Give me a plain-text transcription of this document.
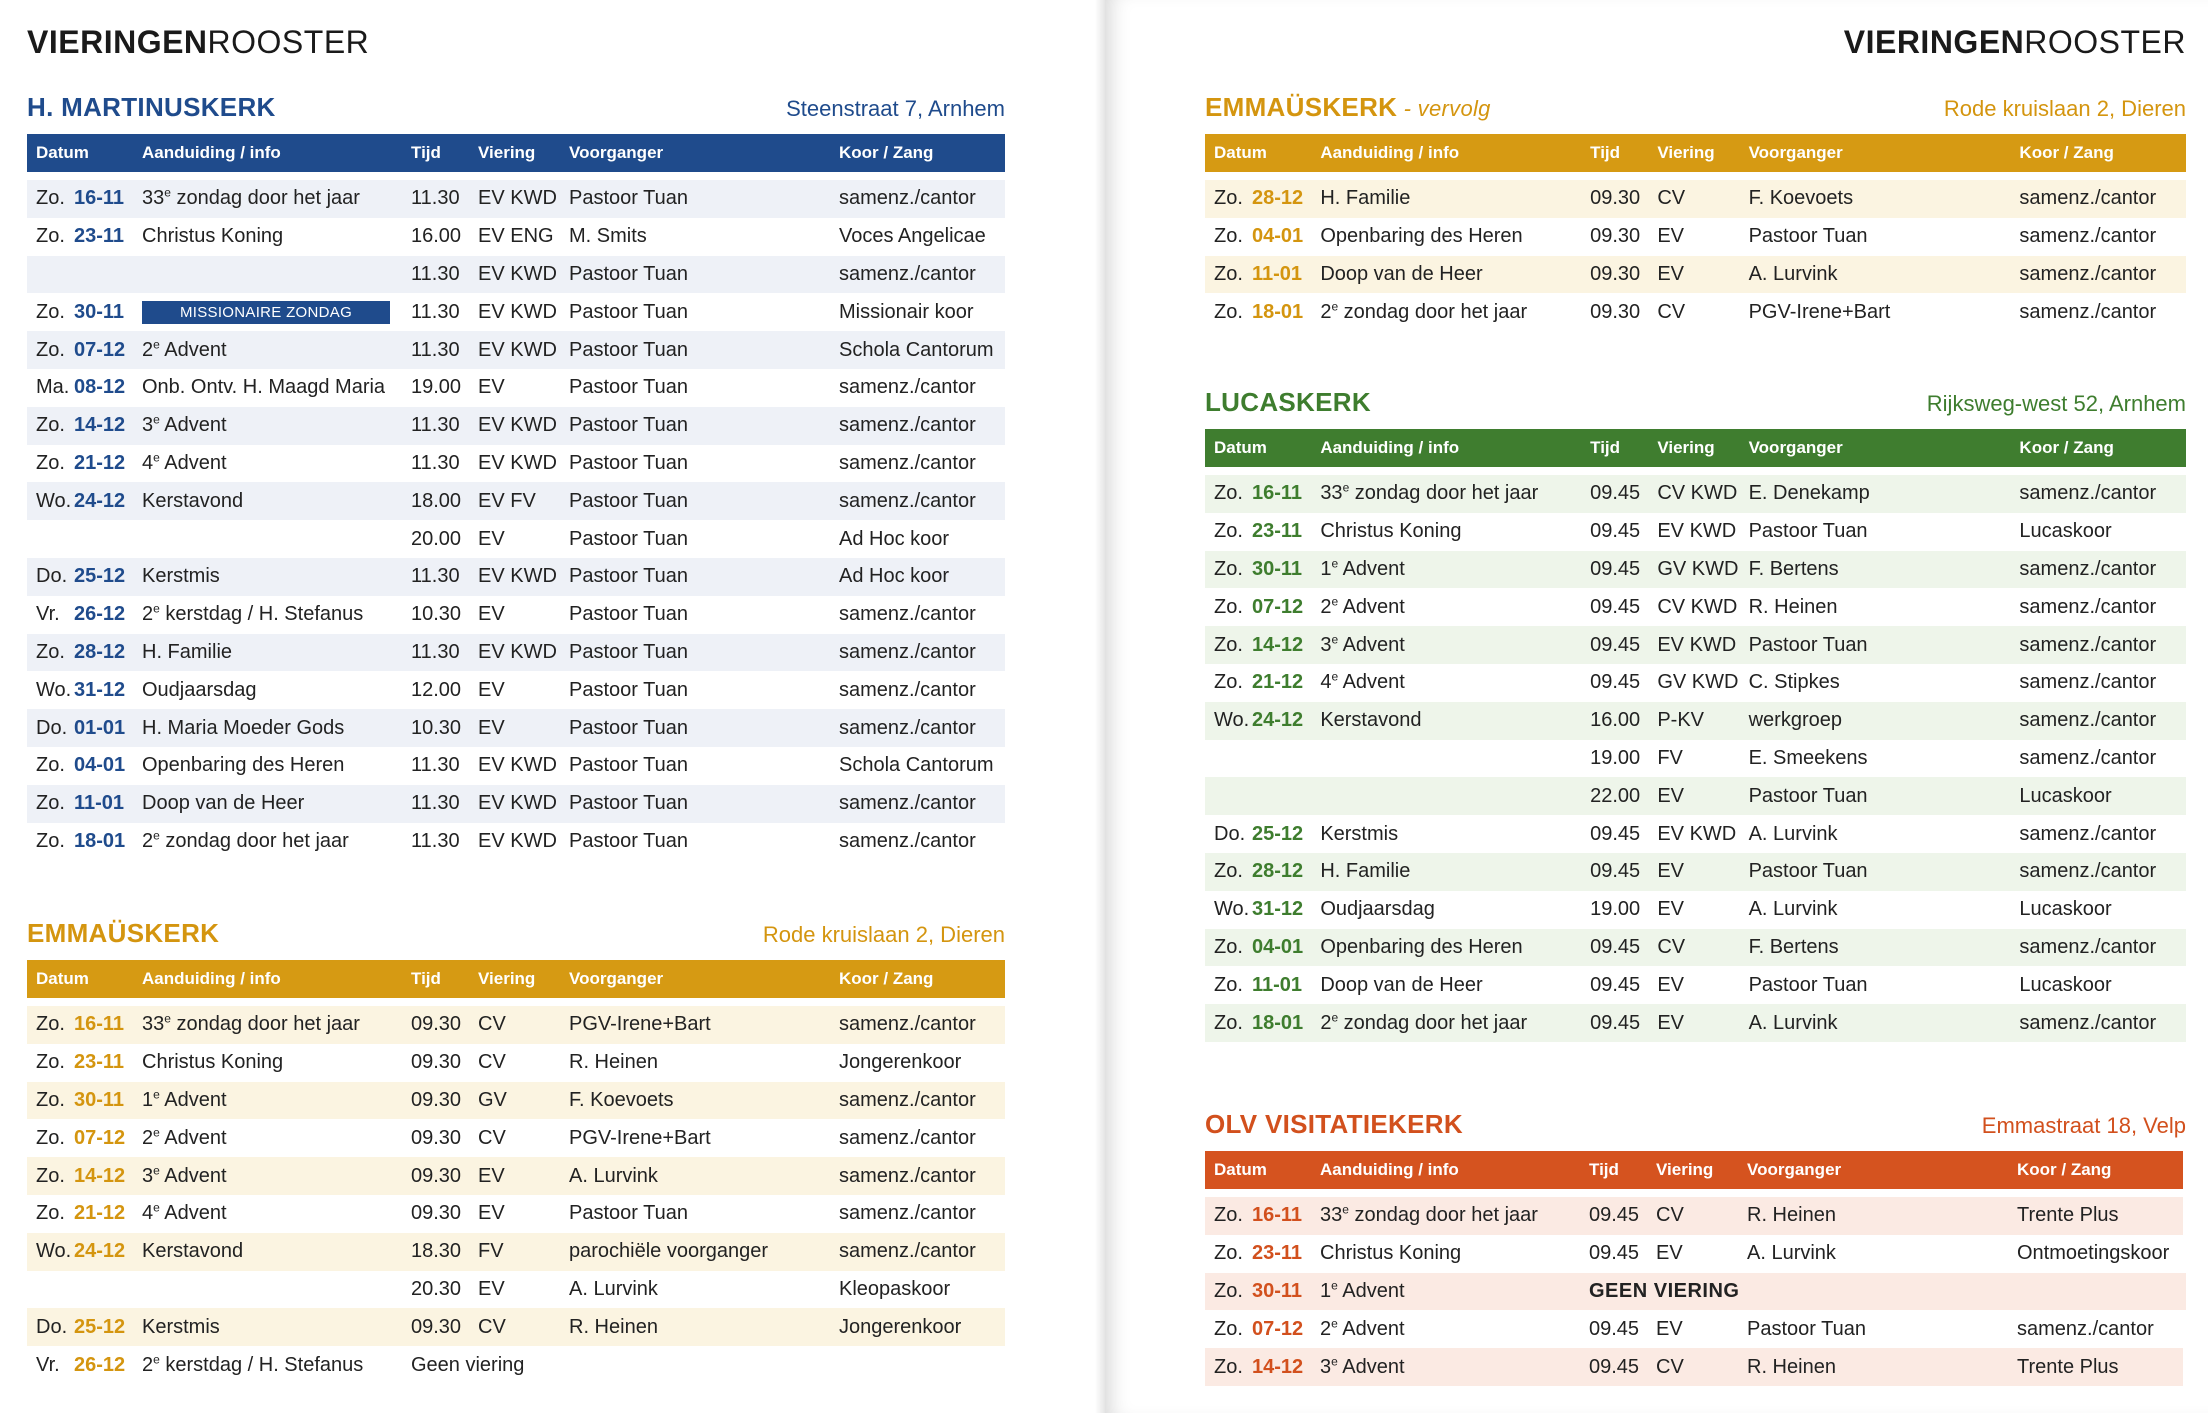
VIERINGENROOSTER
H. MARTINUSKERK	Steenstraat 7, Arnhem
Datum	Aanduiding / info	Tijd	Viering	Voorganger	Koor / Zang
Zo. 16-11	33e zondag door het jaar	11.30	EV KWD	Pastoor Tuan	samenz./cantor
Zo. 23-11	Christus Koning	16.00	EV ENG	M. Smits	Voces Angelicae
		11.30	EV KWD	Pastoor Tuan	samenz./cantor
Zo. 30-11	MISSIONAIRE ZONDAG	11.30	EV KWD	Pastoor Tuan	Missionair koor
Zo. 07-12	2e Advent	11.30	EV KWD	Pastoor Tuan	Schola Cantorum
Ma. 08-12	Onb. Ontv. H. Maagd Maria	19.00	EV	Pastoor Tuan	samenz./cantor
Zo. 14-12	3e Advent	11.30	EV KWD	Pastoor Tuan	samenz./cantor
Zo. 21-12	4e Advent	11.30	EV KWD	Pastoor Tuan	samenz./cantor
Wo. 24-12	Kerstavond	18.00	EV FV	Pastoor Tuan	samenz./cantor
		20.00	EV	Pastoor Tuan	Ad Hoc koor
Do. 25-12	Kerstmis	11.30	EV KWD	Pastoor Tuan	Ad Hoc koor
Vr. 26-12	2e kerstdag / H. Stefanus	10.30	EV	Pastoor Tuan	samenz./cantor
Zo. 28-12	H. Familie	11.30	EV KWD	Pastoor Tuan	samenz./cantor
Wo. 31-12	Oudjaarsdag	12.00	EV	Pastoor Tuan	samenz./cantor
Do. 01-01	H. Maria Moeder Gods	10.30	EV	Pastoor Tuan	samenz./cantor
Zo. 04-01	Openbaring des Heren	11.30	EV KWD	Pastoor Tuan	Schola Cantorum
Zo. 11-01	Doop van de Heer	11.30	EV KWD	Pastoor Tuan	samenz./cantor
Zo. 18-01	2e zondag door het jaar	11.30	EV KWD	Pastoor Tuan	samenz./cantor
EMMAÜSKERK	Rode kruislaan 2, Dieren
Datum	Aanduiding / info	Tijd	Viering	Voorganger	Koor / Zang	
Zo. 16-11	33e zondag door het jaar	09.30	CV	PGV-Irene+Bart	samenz./cantor	
Zo. 23-11	Christus Koning	09.30	CV	R. Heinen	Jongerenkoor	
Zo. 30-11	1e Advent	09.30	GV	F. Koevoets	samenz./cantor	
Zo. 07-12	2e Advent	09.30	CV	PGV-Irene+Bart	samenz./cantor	
Zo. 14-12	3e Advent	09.30	EV	A. Lurvink	samenz./cantor	
Zo. 21-12	4e Advent	09.30	EV	Pastoor Tuan	samenz./cantor	
Wo. 24-12	Kerstavond	18.30	FV	parochiële voorganger	samenz./cantor	
		20.30	EV	A. Lurvink	Kleopaskoor	
Do. 25-12	Kerstmis	09.30	CV	R. Heinen	Jongerenkoor	
Vr. 26-12	2e kerstdag / H. Stefanus	Geen viering				
VIERINGENROOSTER
EMMAÜSKERK - vervolg	Rode kruislaan 2, Dieren
Datum	Aanduiding / info	Tijd	Viering	Voorganger	Koor / Zang
Zo. 28-12	H. Familie	09.30	CV	F. Koevoets	samenz./cantor
Zo. 04-01	Openbaring des Heren	09.30	EV	Pastoor Tuan	samenz./cantor
Zo. 11-01	Doop van de Heer	09.30	EV	A. Lurvink	samenz./cantor
Zo. 18-01	2e zondag door het jaar	09.30	CV	PGV-Irene+Bart	samenz./cantor
LUCASKERK	Rijksweg-west 52, Arnhem
Datum	Aanduiding / info	Tijd	Viering	Voorganger	Koor / Zang
Zo. 16-11	33e zondag door het jaar	09.45	CV KWD	E. Denekamp	samenz./cantor
Zo. 23-11	Christus Koning	09.45	EV KWD	Pastoor Tuan	Lucaskoor
Zo. 30-11	1e Advent	09.45	GV KWD	F. Bertens	samenz./cantor
Zo. 07-12	2e Advent	09.45	CV KWD	R. Heinen	samenz./cantor
Zo. 14-12	3e Advent	09.45	EV KWD	Pastoor Tuan	samenz./cantor
Zo. 21-12	4e Advent	09.45	GV KWD	C. Stipkes	samenz./cantor
Wo. 24-12	Kerstavond	16.00	P-KV	werkgroep	samenz./cantor
		19.00	FV	E. Smeekens	samenz./cantor
		22.00	EV	Pastoor Tuan	Lucaskoor
Do. 25-12	Kerstmis	09.45	EV KWD	A. Lurvink	samenz./cantor
Zo. 28-12	H. Familie	09.45	EV	Pastoor Tuan	samenz./cantor
Wo. 31-12	Oudjaarsdag	19.00	EV	A. Lurvink	Lucaskoor
Zo. 04-01	Openbaring des Heren	09.45	CV	F. Bertens	samenz./cantor
Zo. 11-01	Doop van de Heer	09.45	EV	Pastoor Tuan	Lucaskoor
Zo. 18-01	2e zondag door het jaar	09.45	EV	A. Lurvink	samenz./cantor
OLV VISITATIEKERK	Emmastraat 18, Velp
Datum	Aanduiding / info	Tijd	Viering	Voorganger	Koor / Zang	
Zo. 16-11	33e zondag door het jaar	09.45	CV	R. Heinen	Trente Plus	
Zo. 23-11	Christus Koning	09.45	EV	A. Lurvink	Ontmoetingskoor	
Zo. 30-11	1e Advent	GEEN VIERING				
Zo. 07-12	2e Advent	09.45	EV	Pastoor Tuan	samenz./cantor	
Zo. 14-12	3e Advent	09.45	CV	R. Heinen	Trente Plus	
